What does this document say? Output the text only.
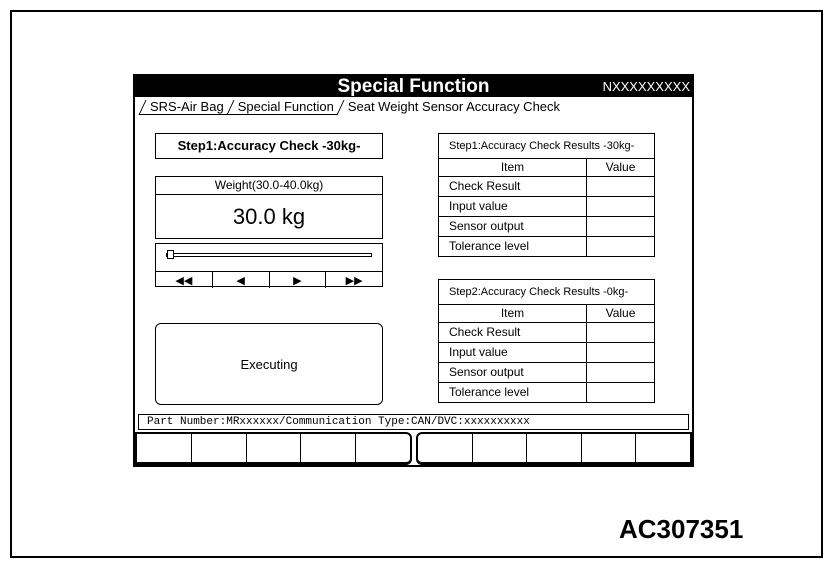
Special Function	NXXXXXXXXX
SRS-Air Bag Special Function Seat Weight Sensor Accuracy Check
Step1:Accuracy Check -30kg-
Weight(30.0-40.0kg)
30.0 kg
◀◀	◀	▶	▶▶
Executing
Step1:Accuracy Check Results -30kg-
Item	Value
Check Result
Input value
Sensor output
Tolerance level
Step2:Accuracy Check Results -0kg-
Item	Value
Check Result
Input value
Sensor output
Tolerance level
Part Number:MRxxxxxx/Communication Type:CAN/DVC:xxxxxxxxxx
AC307351
